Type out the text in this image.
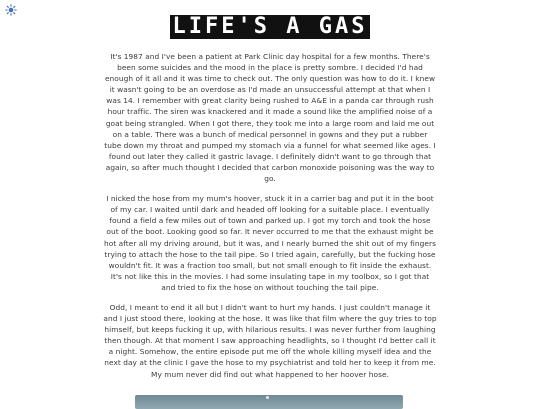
LIFE'S A GAS

It's 1987 and I've been a patient at Park Clinic day hospital for a few months. There's been some suicides and the mood in the place is pretty sombre. I decided I'd had enough of it all and it was time to check out. The only question was how to do it. I knew it wasn't going to be an overdose as I'd made an unsuccessful attempt at that when I was 14. I remember with great clarity being rushed to A&E in a panda car through rush hour traffic. The siren was knackered and it made a sound like the amplified noise of a goat being strangled. When I got there, they took me into a large room and laid me out on a table. There was a bunch of medical personnel in gowns and they put a rubber tube down my throat and pumped my stomach via a funnel for what seemed like ages. I found out later they called it gastric lavage. I definitely didn't want to go through that again, so after much thought I decided that carbon monoxide poisoning was the way to go.

I nicked the hose from my mum's hoover, stuck it in a carrier bag and put it in the boot of my car. I waited until dark and headed off looking for a suitable place. I eventually found a field a few miles out of town and parked up. I got my torch and took the hose out of the boot. Looking good so far. It never occurred to me that the exhaust might be hot after all my driving around, but it was, and I nearly burned the shit out of my fingers trying to attach the hose to the tail pipe. So I tried again, carefully, but the fucking hose wouldn't fit. It was a fraction too small, but not small enough to fit inside the exhaust. It's not like this in the movies. I had some insulating tape in my toolbox, so I got that and tried to fix the hose on without touching the tail pipe.

Odd, I meant to end it all but I didn't want to hurt my hands. I just couldn't manage it and I just stood there, looking at the hose. It was like that film where the guy tries to top himself, but keeps fucking it up, with hilarious results. I was never further from laughing then though. At that moment I saw approaching headlights, so I thought I'd better call it a night. Somehow, the entire episode put me off the whole killing myself idea and the next day at the clinic I gave the hose to my psychiatrist and told her to keep it from me. My mum never did find out what happened to her hoover hose.
